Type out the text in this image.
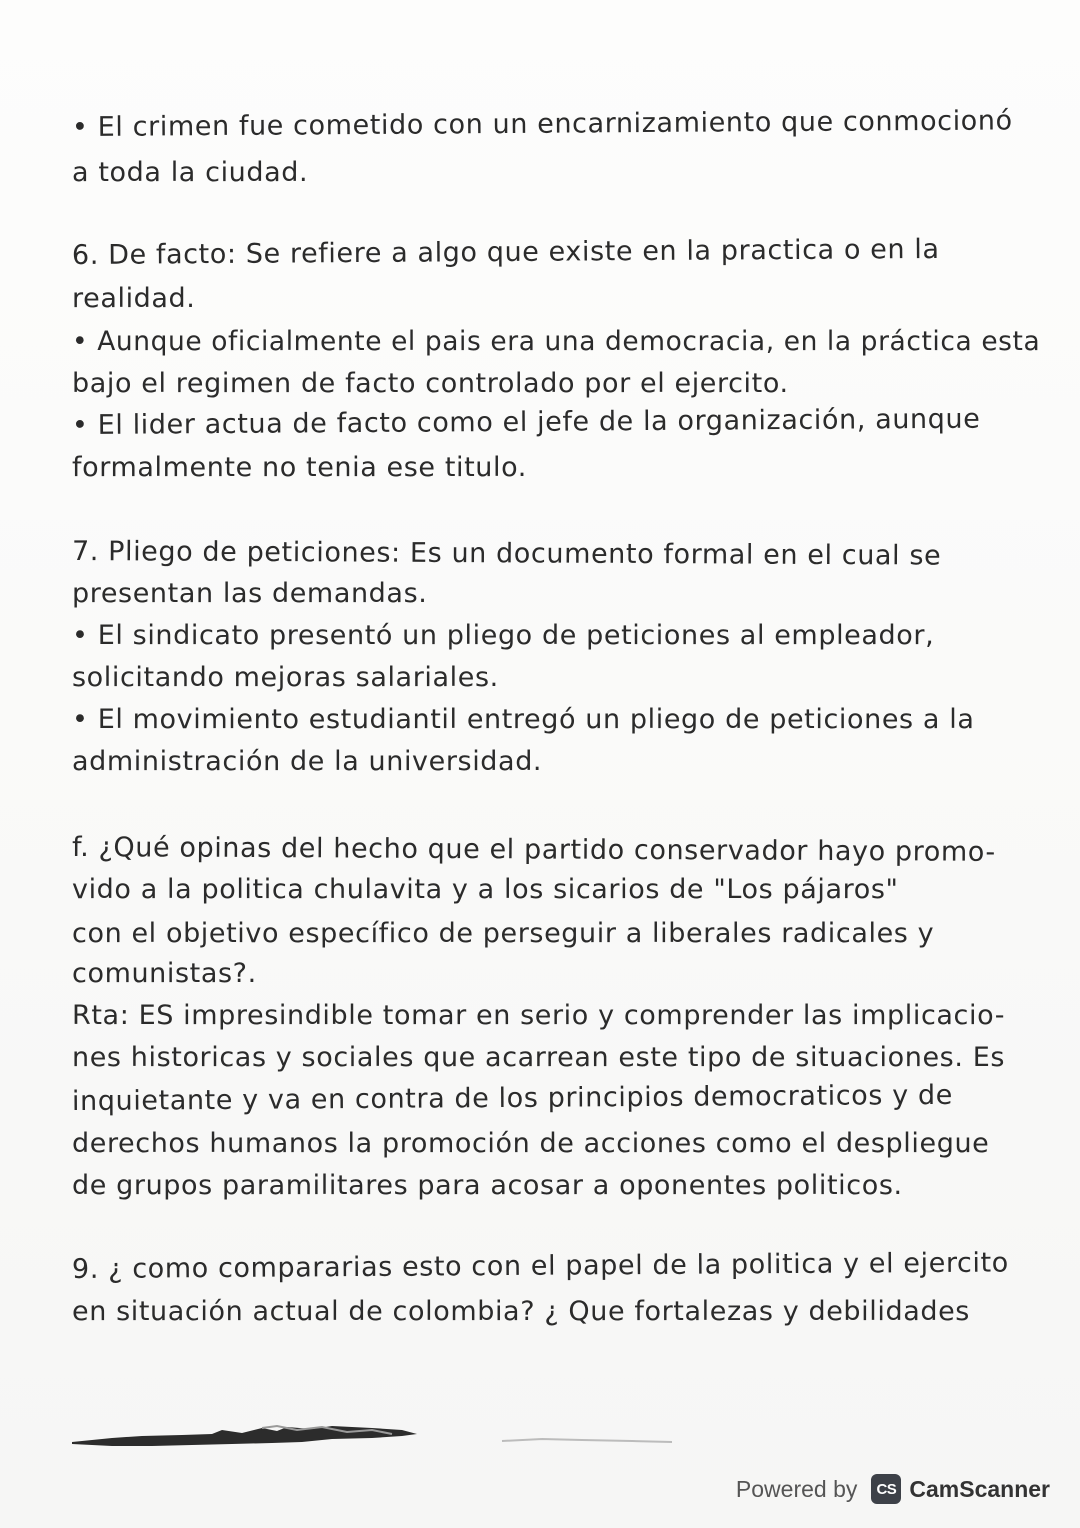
• El crimen fue cometido con un encarnizamiento que conmocionó
a toda la ciudad.
6. De facto: Se refiere a algo que existe en la practica o en la
realidad.
• Aunque oficialmente el pais era una democracia, en la práctica esta
bajo el regimen de facto controlado por el ejercito.
• El lider actua de facto como el jefe de la organización, aunque
formalmente no tenia ese titulo.
7. Pliego de peticiones: Es un documento formal en el cual se
presentan las demandas.
• El sindicato presentó un pliego de peticiones al empleador,
solicitando mejoras salariales.
• El movimiento estudiantil entregó un pliego de peticiones a la
administración de la universidad.
f. ¿Qué opinas del hecho que el partido conservador hayo promo-
vido a la politica chulavita y a los sicarios de "Los pájaros"
con el objetivo específico de perseguir a liberales radicales y
comunistas?.
Rta: ES impresindible tomar en serio y comprender las implicacio-
nes historicas y sociales que acarrean este tipo de situaciones. Es
inquietante y va en contra de los principios democraticos y de
derechos humanos la promoción de acciones como el despliegue
de grupos paramilitares para acosar a oponentes politicos.
9. ¿ como compararias esto con el papel de la politica y el ejercito
en situación actual de colombia? ¿ Que fortalezas y debilidades
Powered by	CS CamScanner
